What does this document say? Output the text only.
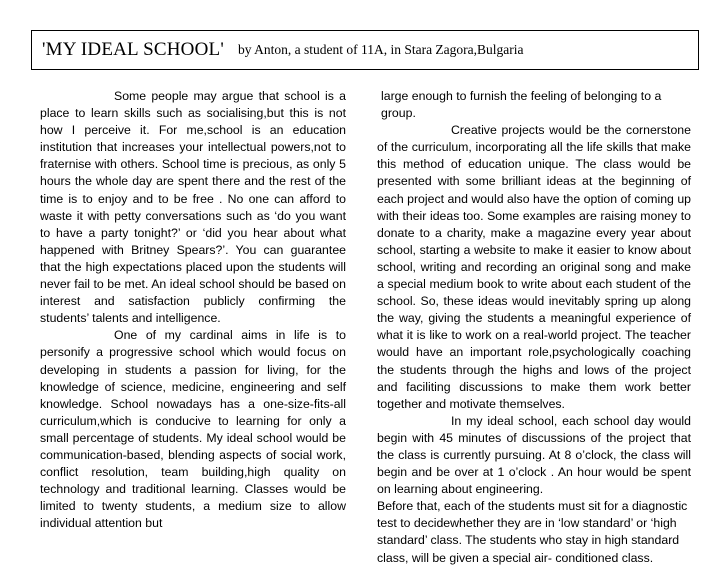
'MY IDEAL SCHOOL' by Anton, a student of 11A, in Stara Zagora,Bulgaria

Some people may argue that school is a place to learn skills such as socialising,but this is not how I perceive it. For me,school is an education institution that increases your intellectual powers,not to fraternise with others. School time is precious, as only 5 hours the whole day are spent there and the rest of the time is to enjoy and to be free . No one can afford to waste it with petty conversations such as ‘do you want to have a party tonight?’ or ‘did you hear about what happened with Britney Spears?’. You can guarantee that the high expectations placed upon the students will never fail to be met. An ideal school should be based on interest and satisfaction publicly confirming the students’ talents and intelligence.

One of my cardinal aims in life is to personify a progressive school which would focus on developing in students a passion for living, for the knowledge of science, medicine, engineering and self knowledge. School nowadays has a one-size-fits-all curriculum,which is conducive to learning for only a small percentage of students. My ideal school would be communication-based, blending aspects of social work, conflict resolution, team building,high quality on technology and traditional learning. Classes would be limited to twenty students, a medium size to allow individual attention but

large enough to furnish the feeling of belonging to a group.

Creative projects would be the cornerstone of the curriculum, incorporating all the life skills that make this method of education unique. The class would be presented with some brilliant ideas at the beginning of each project and would also have the option of coming up with their ideas too. Some examples are raising money to donate to a charity, make a magazine every year about school, starting a website to make it easier to know about school, writing and recording an original song and make a special medium book to write about each student of the school. So, these ideas would inevitably spring up along the way, giving the students a meaningful experience of what it is like to work on a real-world project. The teacher would have an important role,psychologically coaching the students through the highs and lows of the project and faciliting discussions to make them work better together and motivate themselves.

In my ideal school, each school day would begin with 45 minutes of discussions of the project that the class is currently pursuing. At 8 o’clock, the class will begin and be over at 1 o’clock . An hour would be spent on learning about engineering.

Before that, each of the students must sit for a diagnostic test to decidewhether they are in ‘low standard’ or ‘high standard’ class. The students who stay in high standard class, will be given a special air- conditioned class.
